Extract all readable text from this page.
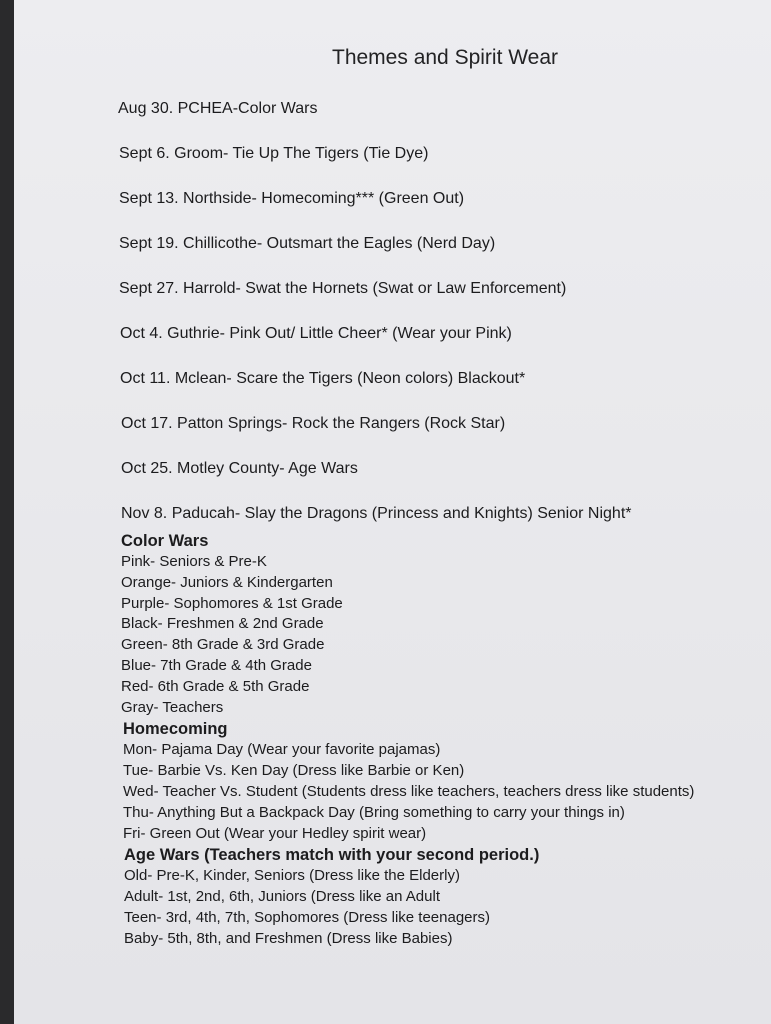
Themes and Spirit Wear
Aug 30. PCHEA-Color Wars
Sept 6. Groom- Tie Up The Tigers (Tie Dye)
Sept 13. Northside- Homecoming*** (Green Out)
Sept 19. Chillicothe- Outsmart the Eagles (Nerd Day)
Sept 27. Harrold- Swat the Hornets (Swat or Law Enforcement)
Oct 4. Guthrie- Pink Out/ Little Cheer* (Wear your Pink)
Oct 11. Mclean- Scare the Tigers (Neon colors) Blackout*
Oct 17. Patton Springs- Rock the Rangers (Rock Star)
Oct 25. Motley County- Age Wars
Nov 8. Paducah- Slay the Dragons (Princess and Knights) Senior Night*
Color Wars
Pink- Seniors & Pre-K
Orange- Juniors & Kindergarten
Purple- Sophomores & 1st Grade
Black- Freshmen & 2nd Grade
Green- 8th Grade & 3rd Grade
Blue- 7th Grade & 4th Grade
Red- 6th Grade & 5th Grade
Gray- Teachers
Homecoming
Mon- Pajama Day (Wear your favorite pajamas)
Tue- Barbie Vs. Ken Day (Dress like Barbie or Ken)
Wed- Teacher Vs. Student (Students dress like teachers, teachers dress like students)
Thu- Anything But a Backpack Day (Bring something to carry your things in)
Fri- Green Out (Wear your Hedley spirit wear)
Age Wars (Teachers match with your second period.)
Old- Pre-K, Kinder, Seniors (Dress like the Elderly)
Adult- 1st, 2nd, 6th, Juniors (Dress like an Adult
Teen- 3rd, 4th, 7th, Sophomores (Dress like teenagers)
Baby- 5th, 8th, and Freshmen (Dress like Babies)
